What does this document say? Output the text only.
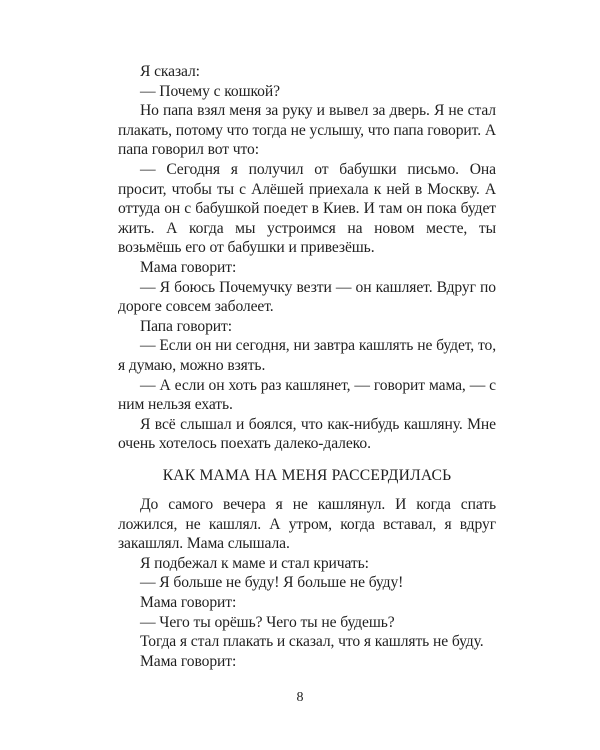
Я сказал:

— Почему с кошкой?

Но папа взял меня за руку и вывел за дверь. Я не стал плакать, потому что тогда не услышу, что папа говорит. А папа говорил вот что:

— Сегодня я получил от бабушки письмо. Она просит, чтобы ты с Алёшей приехала к ней в Москву. А оттуда он с бабушкой поедет в Киев. И там он пока будет жить. А когда мы устроимся на новом месте, ты возьмёшь его от бабушки и привезёшь.

Мама говорит:

— Я боюсь Почемучку везти — он кашляет. Вдруг по дороге совсем заболеет.

Папа говорит:

— Если он ни сегодня, ни завтра кашлять не будет, то, я думаю, можно взять.

— А если он хоть раз кашлянет, — говорит мама, — с ним нельзя ехать.

Я всё слышал и боялся, что как-нибудь кашляну. Мне очень хотелось поехать далеко-далеко.

КАК МАМА НА МЕНЯ РАССЕРДИЛАСЬ

До самого вечера я не кашлянул. И когда спать ложился, не кашлял. А утром, когда вставал, я вдруг закашлял. Мама слышала.

Я подбежал к маме и стал кричать:

— Я больше не буду! Я больше не буду!

Мама говорит:

— Чего ты орёшь? Чего ты не будешь?

Тогда я стал плакать и сказал, что я кашлять не буду.

Мама говорит:

8
